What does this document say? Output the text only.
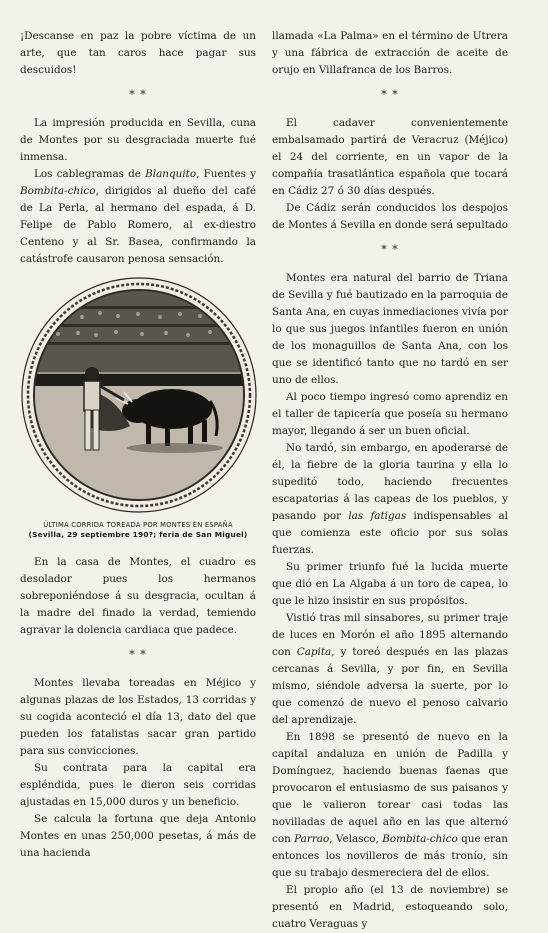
¡Descanse en paz la pobre víctima de un arte, que tan caros hace pagar sus descuidos!

* *

La impresión producida en Sevilla, cuna de Montes por su desgraciada muerte fué inmensa.

Los cablegramas de Blanquito, Fuentes y Bombita-chico, dirigidos al dueño del café de La Perla, al hermano del espada, á D. Felipe de Pablo Romero, al ex-diestro Centeno y al Sr. Basea, confirmando la catástrofe causaron penosa sensación.

ÚLTIMA CORRIDA TOREADA POR MONTES EN ESPAÑA
(Sevilla, 29 septiembre 190?; feria de San Miguel)

En la casa de Montes, el cuadro es desolador pues los hermanos sobreponiéndose á su desgracia, ocultan á la madre del finado la verdad, temiendo agravar la dolencia cardiaca que padece.

* *

Montes llevaba toreadas en Méjico y algunas plazas de los Estados, 13 corridas y su cogida aconteció el día 13, dato del que pueden los fatalistas sacar gran partido para sus convicciones.

Su contrata para la capital era espléndida, pues le dieron seis corridas ajustadas en 15,000 duros y un beneficio.

Se calcula la fortuna que deja Antonio Montes en unas 250,000 pesetas, á más de una hacienda

llamada «La Palma» en el término de Utrera y una fábrica de extracción de aceite de orujo en Villafranca de los Barros.

* *

El cadaver convenientemente embalsamado partirá de Veracruz (Méjico) el 24 del corriente, en un vapor de la compañía trasatlántica española que tocará en Cádiz 27 ó 30 días después.

De Cádiz serán conducidos los despojos de Montes á Sevilla en donde será sepultado

* *

Montes era natural del barrio de Triana de Sevilla y fué bautizado en la parroquia de Santa Ana, en cuyas inmediaciones vivía por lo que sus juegos infantiles fueron en unión de los monaguillos de Santa Ana, con los que se identificó tanto que no tardó en ser uno de ellos.

Al poco tiempo ingresó como aprendiz en el taller de tapicería que poseía su hermano mayor, llegando á ser un buen oficial.

No tardó, sin embargo, en apoderarse de él, la fiebre de la gloria taurina y ella lo supeditó todo, haciendo frecuentes escapatorias á las capeas de los pueblos, y pasando por las fatigas indispensables al que comienza este oficio por sus solas fuerzas.

Su primer triunfo fué la lucida muerte que dió en La Algaba á un toro de capea, lo que le hizo insistir en sus propósitos.

Vistió tras mil sinsabores, su primer traje de luces en Morón el año 1895 alternando con Capita, y toreó después en las plazas cercanas á Sevilla, y por fin, en Sevilla mismo, siéndole adversa la suerte, por lo que comenzó de nuevo el penoso calvario del aprendizaje.

En 1898 se presentó de nuevo en la capital andaluza en unión de Padilla y Domínguez, haciendo buenas faenas que provocaron el entusiasmo de sus paisanos y que le valieron torear casi todas las novilladas de aquel año en las que alternó con Parrao, Velasco, Bombita-chico que eran entonces los novilleros de más tronío, sin que su trabajo desmereciera del de ellos.

El propio año (el 13 de noviembre) se presentó en Madrid, estoqueando solo, cuatro Veraguas y
